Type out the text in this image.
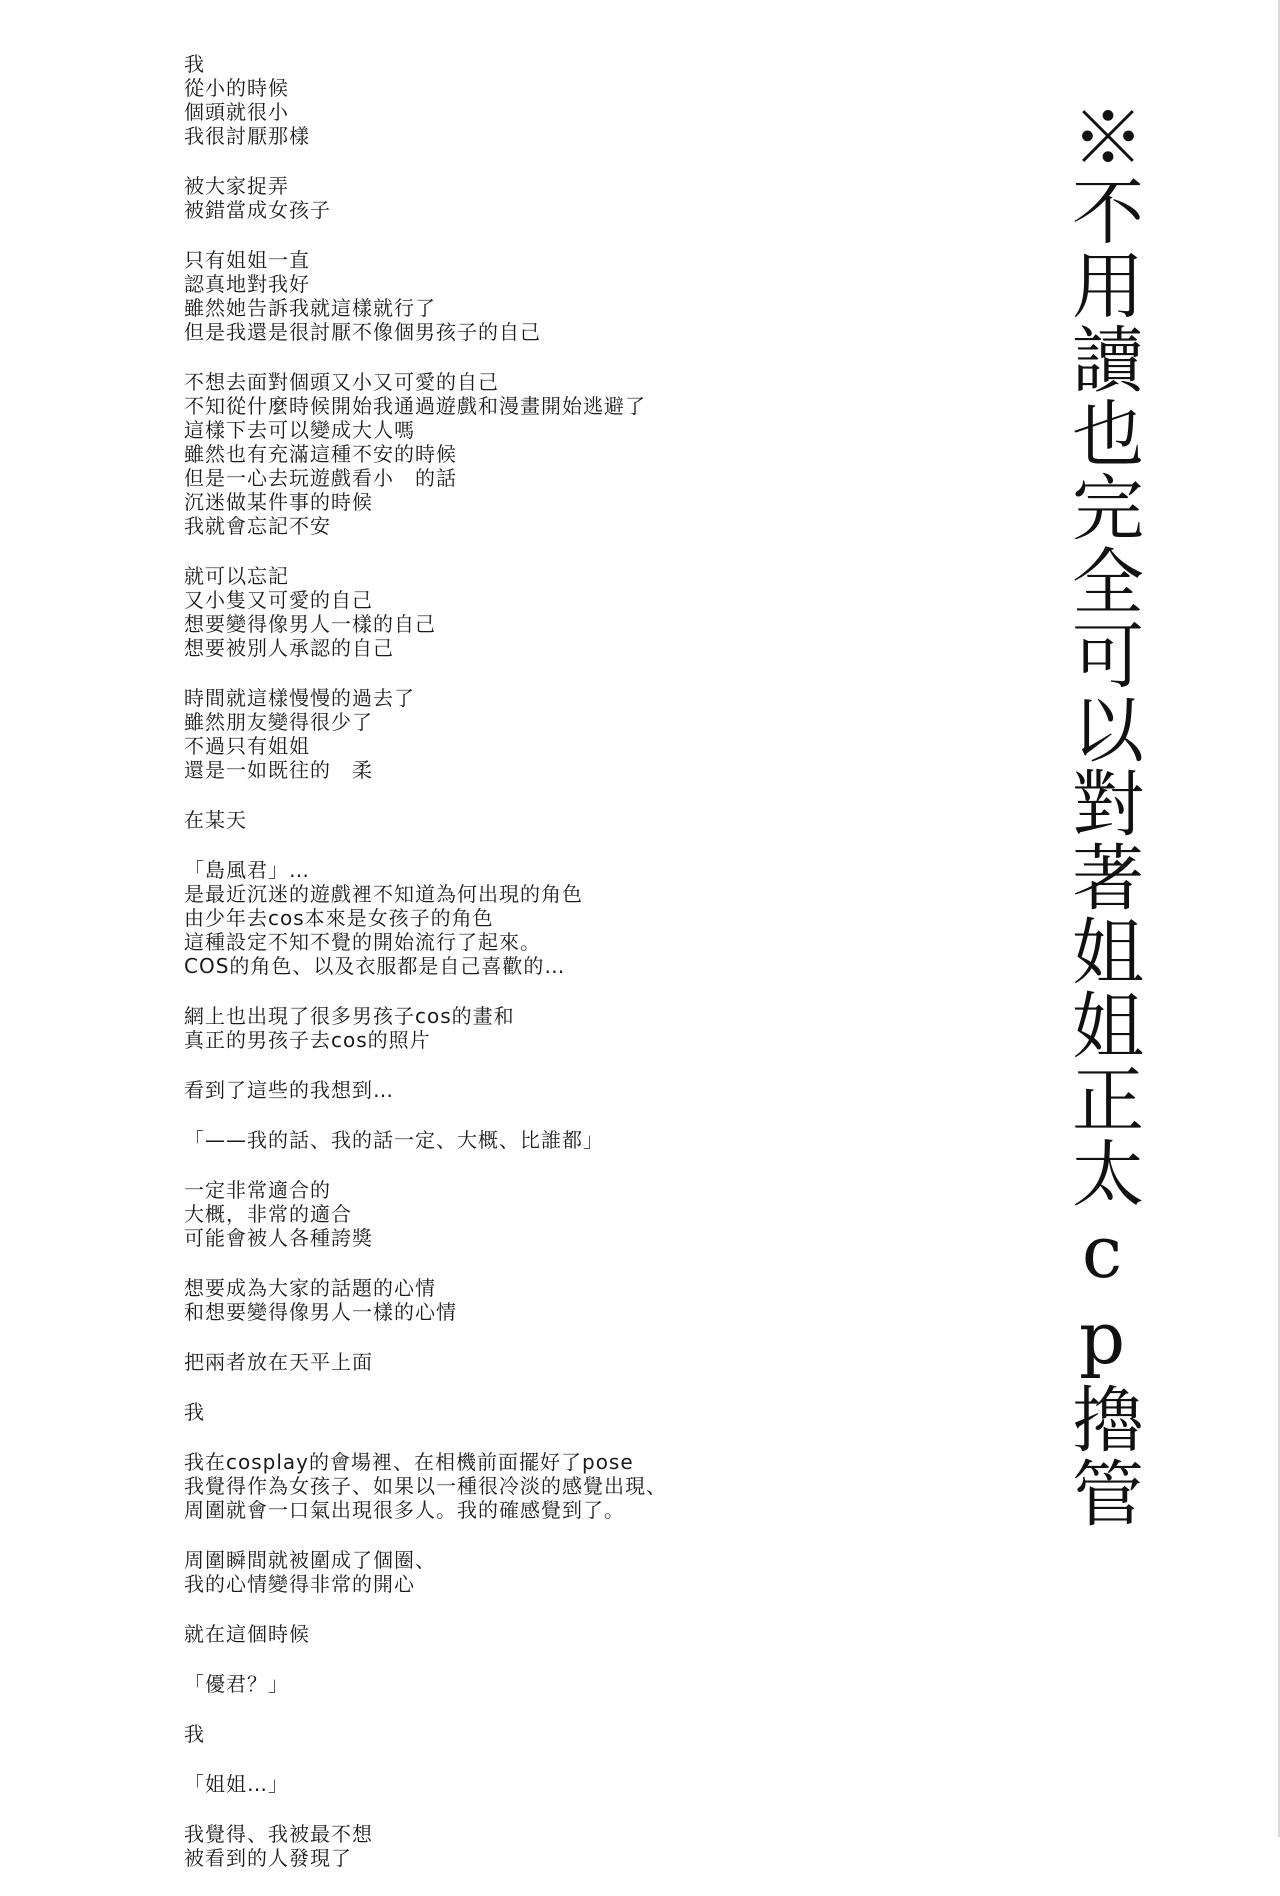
我
從小的時候
個頭就很小
我很討厭那樣
被大家捉弄
被錯當成女孩子
只有姐姐一直
認真地對我好
雖然她告訴我就這樣就行了
但是我還是很討厭不像個男孩子的自己
不想去面對個頭又小又可愛的自己
不知從什麼時候開始我通過遊戲和漫畫開始逃避了
這樣下去可以變成大人嗎
雖然也有充滿這種不安的時候
但是一心去玩遊戲看小　的話
沉迷做某件事的時候
我就會忘記不安
就可以忘記
又小隻又可愛的自己
想要變得像男人一樣的自己
想要被別人承認的自己
時間就這樣慢慢的過去了
雖然朋友變得很少了
不過只有姐姐
還是一如既往的　柔
在某天
「島風君」…
是最近沉迷的遊戲裡不知道為何出現的角色
由少年去cos本來是女孩子的角色
這種設定不知不覺的開始流行了起來。
COS的角色、以及衣服都是自己喜歡的…
網上也出現了很多男孩子cos的畫和
真正的男孩子去cos的照片
看到了這些的我想到…
「——我的話、我的話一定、大概、比誰都」
一定非常適合的
大概，非常的適合
可能會被人各種誇獎
想要成為大家的話題的心情
和想要變得像男人一樣的心情
把兩者放在天平上面
我
我在cosplay的會場裡、在相機前面擺好了pose
我覺得作為女孩子、如果以一種很冷淡的感覺出現、
周圍就會一口氣出現很多人。我的確感覺到了。
周圍瞬間就被圍成了個圈、
我的心情變得非常的開心
就在這個時候
「優君？」
我
「姐姐…」
我覺得、我被最不想
被看到的人發現了
※不用讀也完全可以對著姐姐正太cp擼管
